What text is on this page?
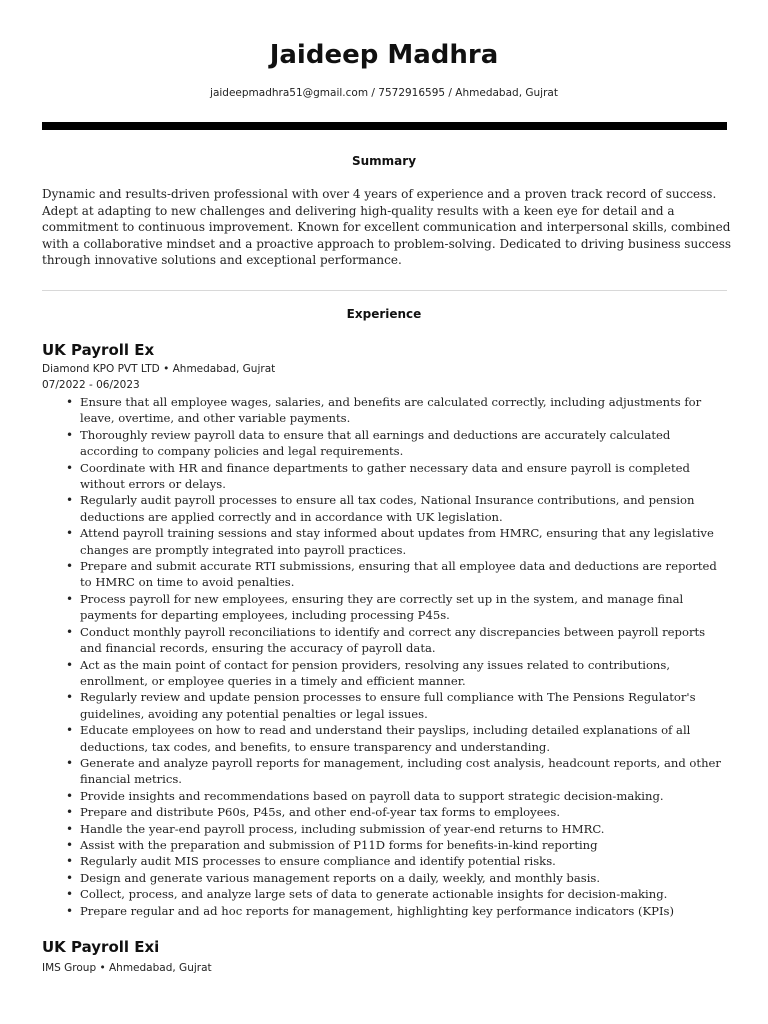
Jaideep Madhra
jaideepmadhra51@gmail.com / 7572916595 / Ahmedabad, Gujrat
Summary
Dynamic and results-driven professional with over 4 years of experience and a proven track record of success. Adept at adapting to new challenges and delivering high-quality results with a keen eye for detail and a commitment to continuous improvement. Known for excellent communication and interpersonal skills, combined with a collaborative mindset and a proactive approach to problem-solving. Dedicated to driving business success through innovative solutions and exceptional performance.
Experience
UK Payroll Ex
Diamond KPO PVT LTD • Ahmedabad, Gujrat
07/2022 - 06/2023
• Ensure that all employee wages, salaries, and benefits are calculated correctly, including adjustments for leave, overtime, and other variable payments.
• Thoroughly review payroll data to ensure that all earnings and deductions are accurately calculated according to company policies and legal requirements.
• Coordinate with HR and finance departments to gather necessary data and ensure payroll is completed without errors or delays.
• Regularly audit payroll processes to ensure all tax codes, National Insurance contributions, and pension deductions are applied correctly and in accordance with UK legislation.
• Attend payroll training sessions and stay informed about updates from HMRC, ensuring that any legislative changes are promptly integrated into payroll practices.
• Prepare and submit accurate RTI submissions, ensuring that all employee data and deductions are reported to HMRC on time to avoid penalties.
• Process payroll for new employees, ensuring they are correctly set up in the system, and manage final payments for departing employees, including processing P45s.
• Conduct monthly payroll reconciliations to identify and correct any discrepancies between payroll reports and financial records, ensuring the accuracy of payroll data.
• Act as the main point of contact for pension providers, resolving any issues related to contributions, enrollment, or employee queries in a timely and efficient manner.
• Regularly review and update pension processes to ensure full compliance with The Pensions Regulator's guidelines, avoiding any potential penalties or legal issues.
• Educate employees on how to read and understand their payslips, including detailed explanations of all deductions, tax codes, and benefits, to ensure transparency and understanding.
• Generate and analyze payroll reports for management, including cost analysis, headcount reports, and other financial metrics.
• Provide insights and recommendations based on payroll data to support strategic decision-making.
• Prepare and distribute P60s, P45s, and other end-of-year tax forms to employees.
• Handle the year-end payroll process, including submission of year-end returns to HMRC.
• Assist with the preparation and submission of P11D forms for benefits-in-kind reporting
• Regularly audit MIS processes to ensure compliance and identify potential risks.
• Design and generate various management reports on a daily, weekly, and monthly basis.
• Collect, process, and analyze large sets of data to generate actionable insights for decision-making.
• Prepare regular and ad hoc reports for management, highlighting key performance indicators (KPIs)
UK Payroll Exi
IMS Group • Ahmedabad, Gujrat
